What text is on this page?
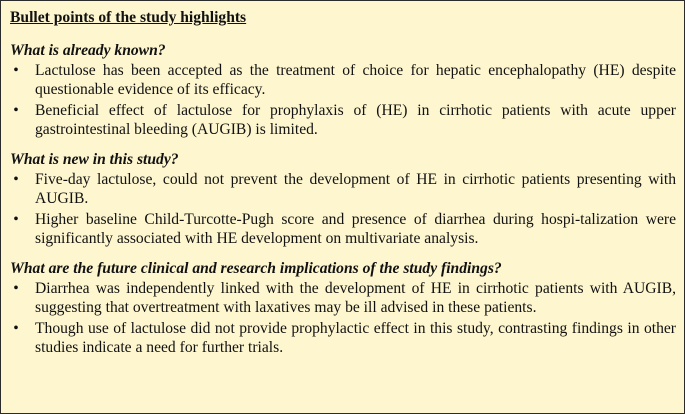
Bullet points of the study highlights
What is already known?
• Lactulose has been accepted as the treatment of choice for hepatic encephalopathy (HE) despite questionable evidence of its efficacy.
• Beneficial effect of lactulose for prophylaxis of (HE) in cirrhotic patients with acute upper gastrointestinal bleeding (AUGIB) is limited.
What is new in this study?
• Five-day lactulose, could not prevent the development of HE in cirrhotic patients presenting with AUGIB.
• Higher baseline Child-Turcotte-Pugh score and presence of diarrhea during hospi-talization were significantly associated with HE development on multivariate analysis.
What are the future clinical and research implications of the study findings?
• Diarrhea was independently linked with the development of HE in cirrhotic patients with AUGIB, suggesting that overtreatment with laxatives may be ill advised in these patients.
• Though use of lactulose did not provide prophylactic effect in this study, contrasting findings in other studies indicate a need for further trials.
